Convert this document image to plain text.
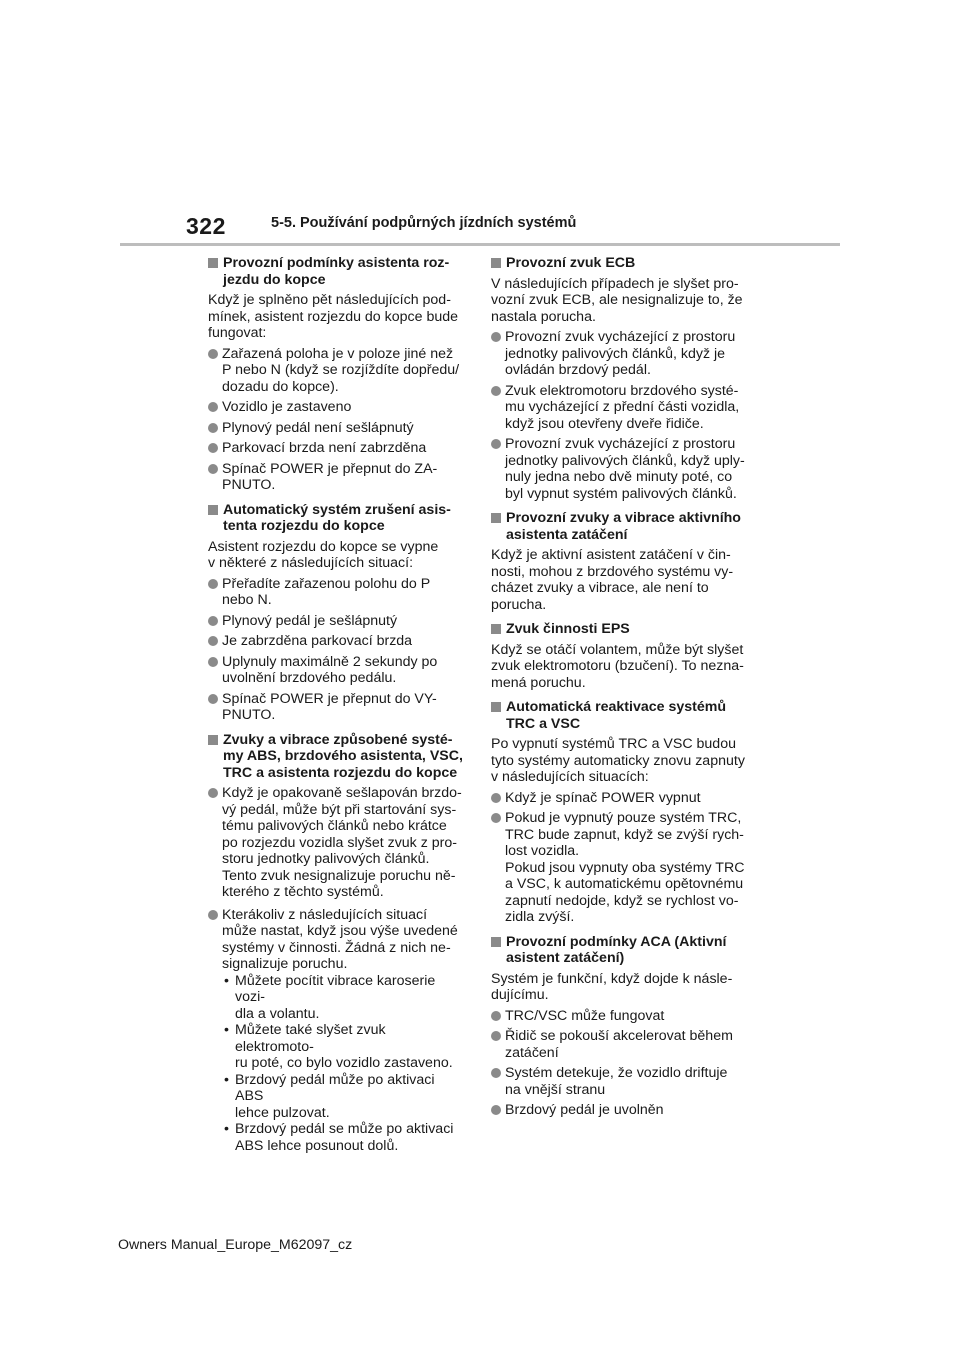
322	5-5. Používání podpůrných jízdních systémů
Provozní podmínky asistenta roz-
jezdu do kopce
Když je splněno pět následujících pod-
mínek, asistent rozjezdu do kopce bude
fungovat:
Zařazená poloha je v poloze jiné než
P nebo N (když se rozjíždíte dopředu/
dozadu do kopce).
Vozidlo je zastaveno
Plynový pedál není sešlápnutý
Parkovací brzda není zabrzděna
Spínač POWER je přepnut do ZA-
PNUTO.
Automatický systém zrušení asis-
tenta rozjezdu do kopce
Asistent rozjezdu do kopce se vypne
v některé z následujících situací:
Přeřadíte zařazenou polohu do P
nebo N.
Plynový pedál je sešlápnutý
Je zabrzděna parkovací brzda
Uplynuly maximálně 2 sekundy po
uvolnění brzdového pedálu.
Spínač POWER je přepnut do VY-
PNUTO.
Zvuky a vibrace způsobené systé-
my ABS, brzdového asistenta, VSC,
TRC a asistenta rozjezdu do kopce
Když je opakovaně sešlapován brzdo-
vý pedál, může být při startování sys-
tému palivových článků nebo krátce
po rozjezdu vozidla slyšet zvuk z pro-
storu jednotky palivových článků.
Tento zvuk nesignalizuje poruchu ně-
kterého z těchto systémů.
Kterákoliv z následujících situací
může nastat, když jsou výše uvedené
systémy v činnosti. Žádná z nich ne-
signalizuje poruchu.
• Můžete pocítit vibrace karoserie vozi-
dla a volantu.
• Můžete také slyšet zvuk elektromoto-
ru poté, co bylo vozidlo zastaveno.
• Brzdový pedál může po aktivaci ABS
lehce pulzovat.
• Brzdový pedál se může po aktivaci
ABS lehce posunout dolů.
Provozní zvuk ECB
V následujících případech je slyšet pro-
vozní zvuk ECB, ale nesignalizuje to, že
nastala porucha.
Provozní zvuk vycházející z prostoru
jednotky palivových článků, když je
ovládán brzdový pedál.
Zvuk elektromotoru brzdového systé-
mu vycházející z přední části vozidla,
když jsou otevřeny dveře řidiče.
Provozní zvuk vycházející z prostoru
jednotky palivových článků, když uply-
nuly jedna nebo dvě minuty poté, co
byl vypnut systém palivových článků.
Provozní zvuky a vibrace aktivního
asistenta zatáčení
Když je aktivní asistent zatáčení v čin-
nosti, mohou z brzdového systému vy-
cházet zvuky a vibrace, ale není to
porucha.
Zvuk činnosti EPS
Když se otáčí volantem, může být slyšet
zvuk elektromotoru (bzučení). To nezna-
mená poruchu.
Automatická reaktivace systémů
TRC a VSC
Po vypnutí systémů TRC a VSC budou
tyto systémy automaticky znovu zapnuty
v následujících situacích:
Když je spínač POWER vypnut
Pokud je vypnutý pouze systém TRC,
TRC bude zapnut, když se zvýší rych-
lost vozidla.
Pokud jsou vypnuty oba systémy TRC
a VSC, k automatickému opětovnému
zapnutí nedojde, když se rychlost vo-
zidla zvýší.
Provozní podmínky ACA (Aktivní
asistent zatáčení)
Systém je funkční, když dojde k násle-
dujícímu.
TRC/VSC může fungovat
Řidič se pokouší akcelerovat během
zatáčení
Systém detekuje, že vozidlo driftuje
na vnější stranu
Brzdový pedál je uvolněn
Owners Manual_Europe_M62097_cz
